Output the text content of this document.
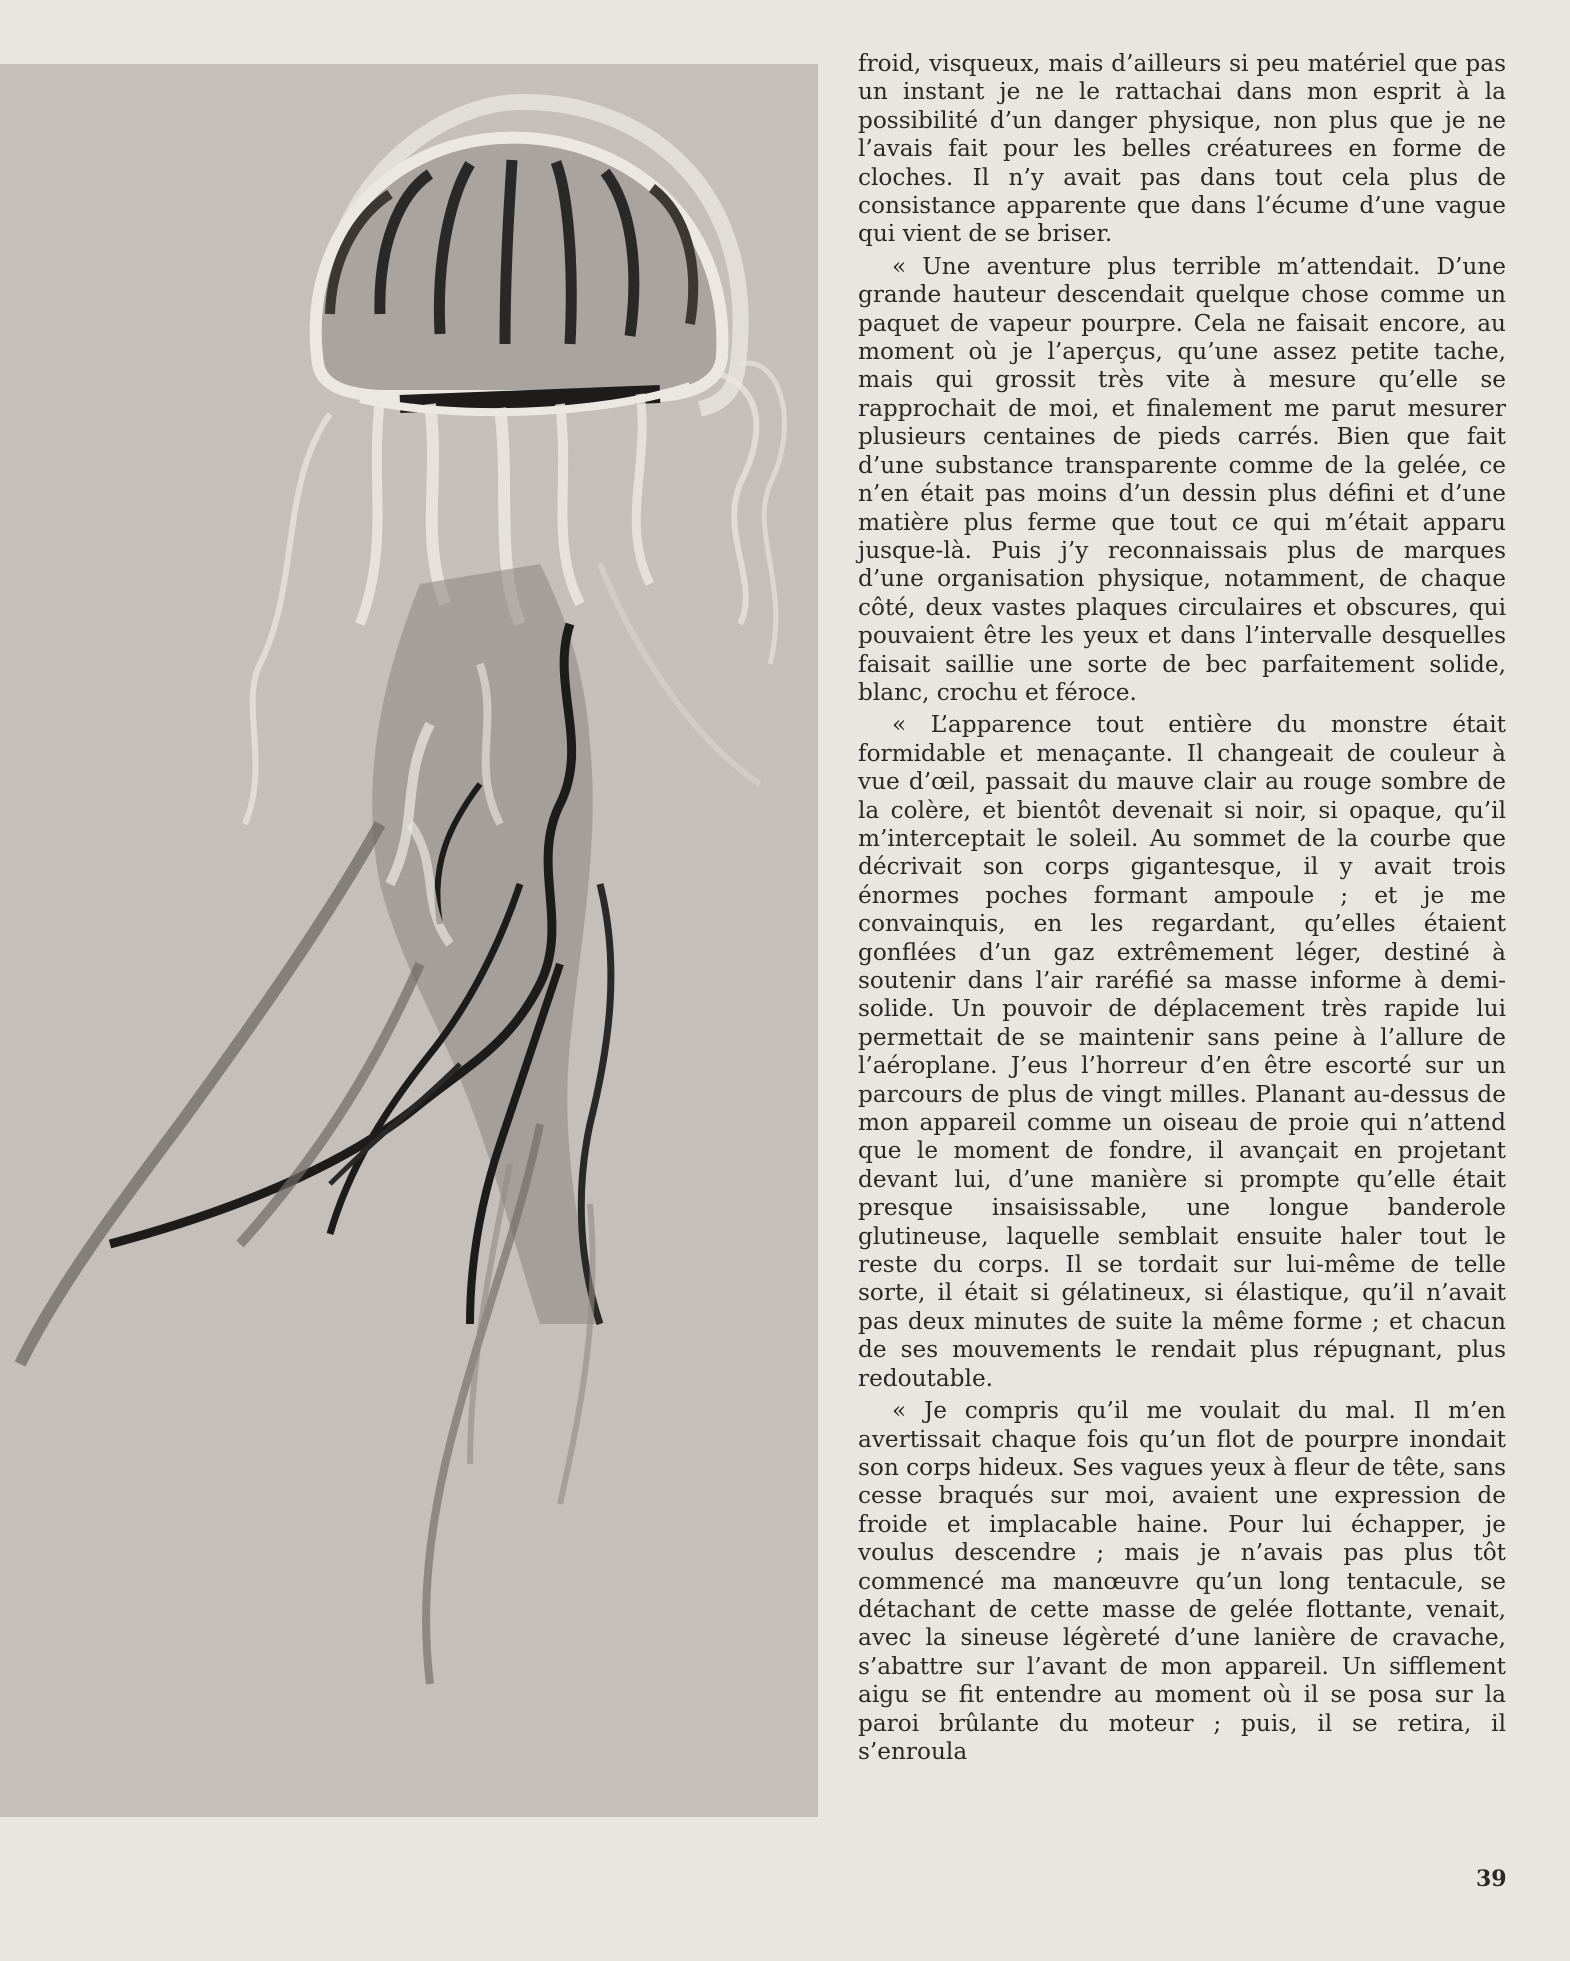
froid, visqueux, mais d’ailleurs si peu matériel que pas un instant je ne le rattachai dans mon esprit à la possibilité d’un danger physique, non plus que je ne l’avais fait pour les belles créaturees en forme de cloches. Il n’y avait pas dans tout cela plus de consistance apparente que dans l’écume d’une vague qui vient de se briser.

« Une aventure plus terrible m’attendait. D’une grande hauteur descendait quelque chose comme un paquet de vapeur pourpre. Cela ne faisait encore, au moment où je l’aperçus, qu’une assez petite tache, mais qui grossit très vite à mesure qu’elle se rapprochait de moi, et finalement me parut mesurer plusieurs centaines de pieds carrés. Bien que fait d’une substance transparente comme de la gelée, ce n’en était pas moins d’un dessin plus défini et d’une matière plus ferme que tout ce qui m’était apparu jusque-là. Puis j’y reconnaissais plus de marques d’une organisation physique, notamment, de chaque côté, deux vastes plaques circulaires et obscures, qui pouvaient être les yeux et dans l’intervalle desquelles faisait saillie une sorte de bec parfaitement solide, blanc, crochu et féroce.

« L’apparence tout entière du monstre était formidable et menaçante. Il changeait de couleur à vue d’œil, passait du mauve clair au rouge sombre de la colère, et bientôt devenait si noir, si opaque, qu’il m’interceptait le soleil. Au sommet de la courbe que décrivait son corps gigantesque, il y avait trois énormes poches formant ampoule ; et je me convainquis, en les regardant, qu’elles étaient gonflées d’un gaz extrêmement léger, destiné à soutenir dans l’air raréfié sa masse informe à demi-solide. Un pouvoir de déplacement très rapide lui permettait de se maintenir sans peine à l’allure de l’aéroplane. J’eus l’horreur d’en être escorté sur un parcours de plus de vingt milles. Planant au-dessus de mon appareil comme un oiseau de proie qui n’attend que le moment de fondre, il avançait en projetant devant lui, d’une manière si prompte qu’elle était presque insaisissable, une longue banderole glutineuse, laquelle semblait ensuite haler tout le reste du corps. Il se tordait sur lui-même de telle sorte, il était si gélatineux, si élastique, qu’il n’avait pas deux minutes de suite la même forme ; et chacun de ses mouvements le rendait plus répugnant, plus redoutable.

« Je compris qu’il me voulait du mal. Il m’en avertissait chaque fois qu’un flot de pourpre inondait son corps hideux. Ses vagues yeux à fleur de tête, sans cesse braqués sur moi, avaient une expression de froide et implacable haine. Pour lui échapper, je voulus descendre ; mais je n’avais pas plus tôt commencé ma manœuvre qu’un long tentacule, se détachant de cette masse de gelée flottante, venait, avec la sineuse légèreté d’une lanière de cravache, s’abattre sur l’avant de mon appareil. Un sifflement aigu se fit entendre au moment où il se posa sur la paroi brûlante du moteur ; puis, il se retira, il s’enroula

39
